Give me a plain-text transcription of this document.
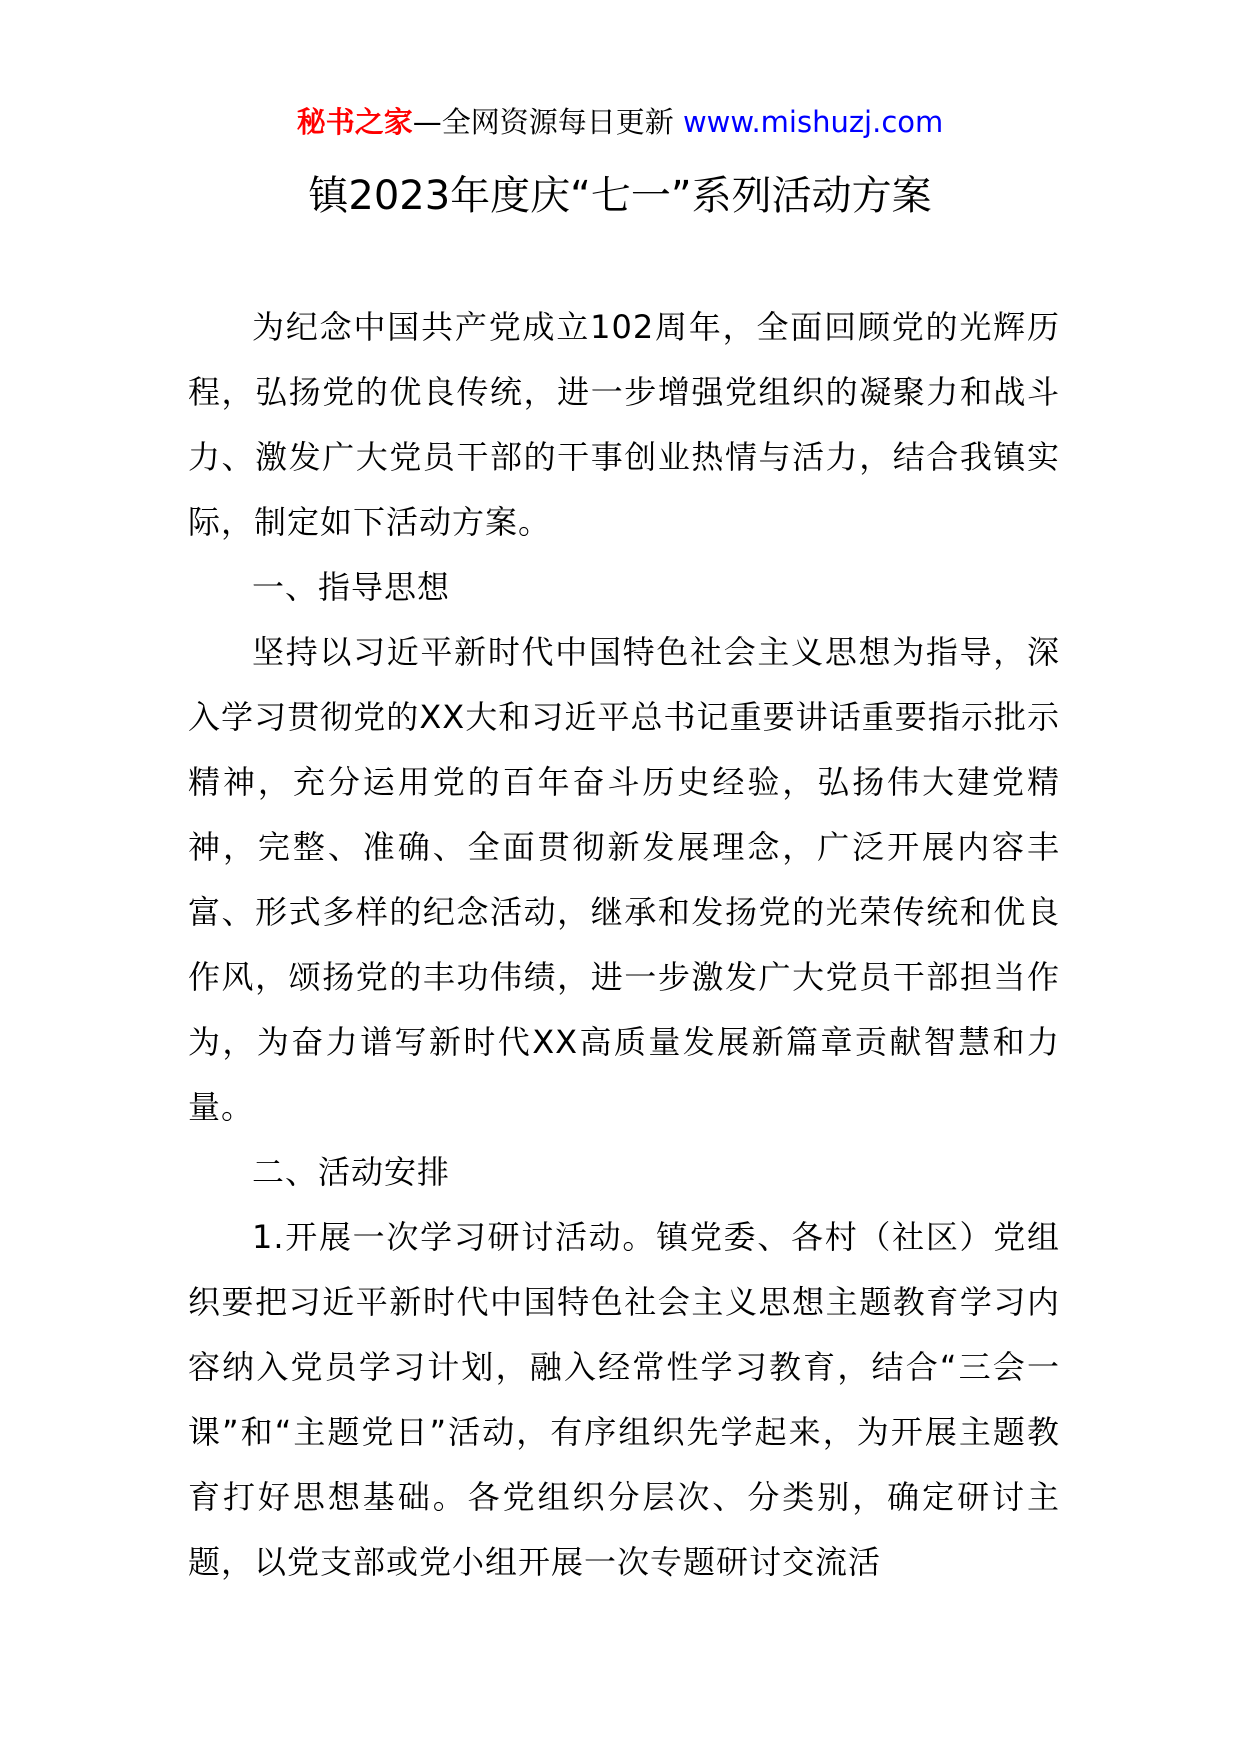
秘书之家—全网资源每日更新 www.mishuzj.com
镇2023年度庆“七一”系列活动方案

为纪念中国共产党成立102周年，全面回顾党的光辉历程，弘扬党的优良传统，进一步增强党组织的凝聚力和战斗力、激发广大党员干部的干事创业热情与活力，结合我镇实际，制定如下活动方案。

一、指导思想

坚持以习近平新时代中国特色社会主义思想为指导，深入学习贯彻党的XX大和习近平总书记重要讲话重要指示批示精神，充分运用党的百年奋斗历史经验，弘扬伟大建党精神，完整、准确、全面贯彻新发展理念，广泛开展内容丰富、形式多样的纪念活动，继承和发扬党的光荣传统和优良作风，颂扬党的丰功伟绩，进一步激发广大党员干部担当作为，为奋力谱写新时代XX高质量发展新篇章贡献智慧和力量。

二、活动安排

1.开展一次学习研讨活动。镇党委、各村（社区）党组织要把习近平新时代中国特色社会主义思想主题教育学习内容纳入党员学习计划，融入经常性学习教育，结合“三会一课”和“主题党日”活动，有序组织先学起来，为开展主题教育打好思想基础。各党组织分层次、分类别，确定研讨主题，以党支部或党小组开展一次专题研讨交流活
